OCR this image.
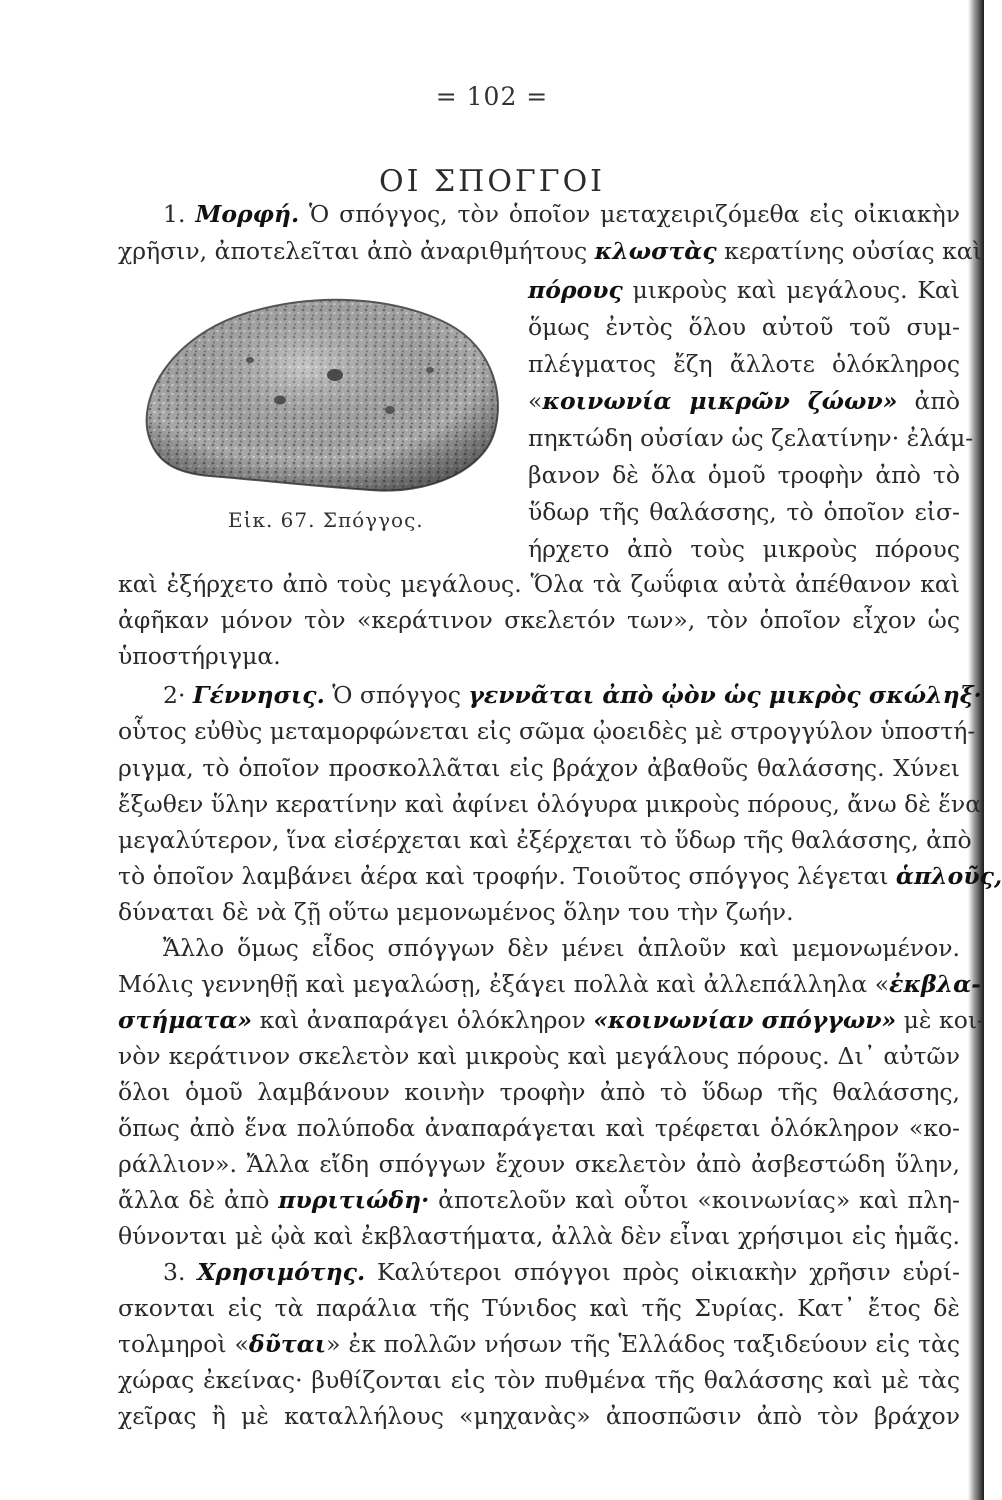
= 102 =
ΟΙ ΣΠΟΓΓΟΙ
Εἰκ. 67. Σπόγγος.
1. Μορφή. Ὁ σπόγγος, τὸν ὁποῖον μεταχειριζόμεθα εἰς οἰκιακὴν
χρῆσιν, ἀποτελεῖται ἀπὸ ἀναριθμήτους κλωστὰς κερατίνης οὐσίας καὶ
πόρους μικροὺς καὶ μεγάλους. Καὶ
ὅμως ἐντὸς ὅλου αὐτοῦ τοῦ συμ-
πλέγματος ἔζη ἄλλοτε ὁλόκληρος
«κοινωνία μικρῶν ζώων» ἀπὸ
πηκτώδη οὐσίαν ὡς ζελατίνην· ἐλάμ-
βανον δὲ ὅλα ὁμοῦ τροφὴν ἀπὸ τὸ
ὕδωρ τῆς θαλάσσης, τὸ ὁποῖον εἰσ-
ήρχετο ἀπὸ τοὺς μικροὺς πόρους
καὶ ἐξήρχετο ἀπὸ τοὺς μεγάλους. Ὅλα τὰ ζωΰφια αὐτὰ ἀπέθανον καὶ
ἀφῆκαν μόνον τὸν «κεράτινον σκελετόν των», τὸν ὁποῖον εἶχον ὡς
ὑποστήριγμα.
2· Γέννησις. Ὁ σπόγγος γεννᾶται ἀπὸ ᾠὸν ὡς μικρὸς σκώληξ·
οὗτος εὐθὺς μεταμορφώνεται εἰς σῶμα ᾠοειδὲς μὲ στρογγύλον ὑποστή-
ριγμα, τὸ ὁποῖον προσκολλᾶται εἰς βράχον ἀβαθοῦς θαλάσσης. Χύνει
ἔξωθεν ὕλην κερατίνην καὶ ἀφίνει ὁλόγυρα μικροὺς πόρους, ἄνω δὲ ἕνα
μεγαλύτερον, ἵνα εἰσέρχεται καὶ ἐξέρχεται τὸ ὕδωρ τῆς θαλάσσης, ἀπὸ
τὸ ὁποῖον λαμβάνει ἀέρα καὶ τροφήν. Τοιοῦτος σπόγγος λέγεται ἁπλοῦς,
δύναται δὲ νὰ ζῇ οὕτω μεμονωμένος ὅλην του τὴν ζωήν.
Ἄλλο ὅμως εἶδος σπόγγων δὲν μένει ἁπλοῦν καὶ μεμονωμένον.
Μόλις γεννηθῇ καὶ μεγαλώσῃ, ἐξάγει πολλὰ καὶ ἀλλεπάλληλα «ἐκβλα-
στήματα» καὶ ἀναπαράγει ὁλόκληρον «κοινωνίαν σπόγγων» μὲ κοι-
νὸν κεράτινον σκελετὸν καὶ μικροὺς καὶ μεγάλους πόρους. Δι᾽ αὐτῶν
ὅλοι ὁμοῦ λαμβάνουν κοινὴν τροφὴν ἀπὸ τὸ ὕδωρ τῆς θαλάσσης,
ὅπως ἀπὸ ἕνα πολύποδα ἀναπαράγεται καὶ τρέφεται ὁλόκληρον «κο-
ράλλιον». Ἄλλα εἴδη σπόγγων ἔχουν σκελετὸν ἀπὸ ἀσβεστώδη ὕλην,
ἄλλα δὲ ἀπὸ πυριτιώδη· ἀποτελοῦν καὶ οὗτοι «κοινωνίας» καὶ πλη-
θύνονται μὲ ᾠὰ καὶ ἐκβλαστήματα, ἀλλὰ δὲν εἶναι χρήσιμοι εἰς ἡμᾶς.
3. Χρησιμότης. Καλύτεροι σπόγγοι πρὸς οἰκιακὴν χρῆσιν εὑρί-
σκονται εἰς τὰ παράλια τῆς Τύνιδος καὶ τῆς Συρίας. Κατ᾽ ἔτος δὲ
τολμηροὶ «δῦται» ἐκ πολλῶν νήσων τῆς Ἑλλάδος ταξιδεύουν εἰς τὰς
χώρας ἐκείνας· βυθίζονται εἰς τὸν πυθμένα τῆς θαλάσσης καὶ μὲ τὰς
χεῖρας ἢ μὲ καταλλήλους «μηχανὰς» ἀποσπῶσιν ἀπὸ τὸν βράχον
